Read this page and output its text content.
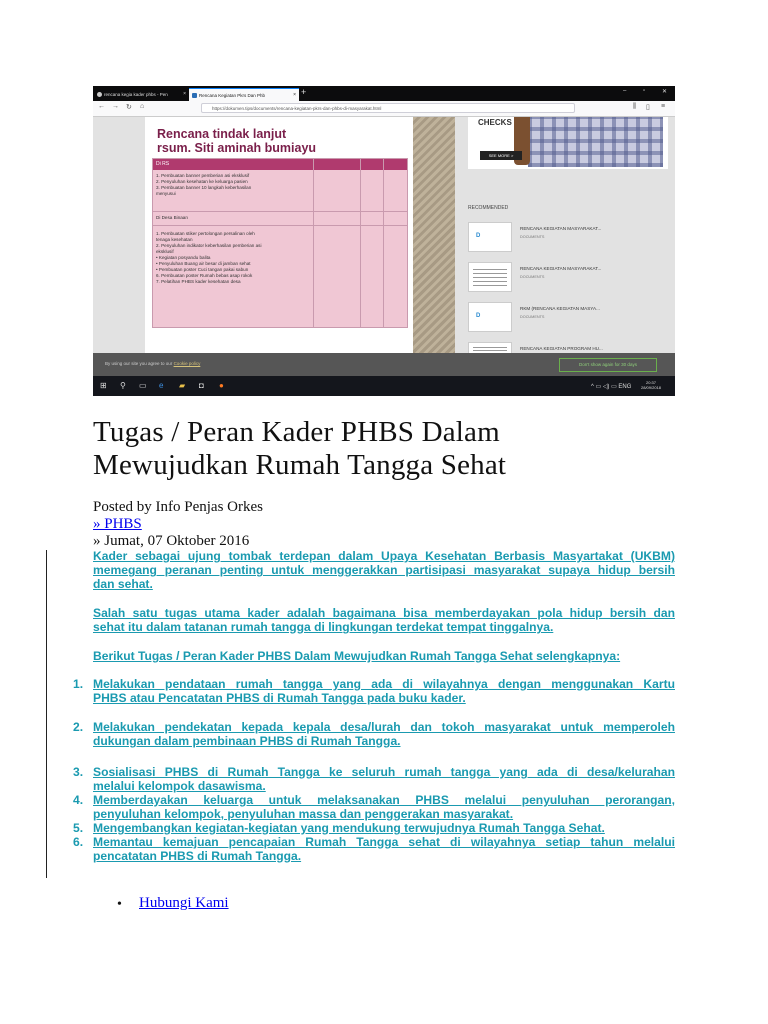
rencana kegia kader phbs - Pen	×	Rencana Kegiatan Pkrs Dan Phb	× +	–	▫	✕
← → ↻ ⌂	https://dokumen.tips/documents/rencana-kegiatan-pkrs-dan-phbs-di-masyarakat.html	⫼ ▯ ≡
Rencana tindak lanjut
rsum. Siti aminah bumiayu
Di RS

1. Pembuatan banner pemberian asi eksklusif

2. Penyuluhan kesehatan ke keluarga pasien

3. Pembuatan banner 10 langkah keberhasilan

menyusui

Di Desa Binaan

1. Pembuatan stiker pertolongan persalinan oleh

tenaga kesehatan

2. Penyuluhan indikator keberhasilan pemberian asi

eksklusif

• Kegiatan posyandu balita

• Penyuluhan Buang air besar di jamban sehat

• Pembuatan poster Cuci tangan pakai sabun

6. Pembuatan poster Rumah bebas asap rokok

7. Pelatihan PHBS kader kesehatan desa

CHECKS
SEE MORE >
RECOMMENDED
D
RENCANA KEGIATAN MASYARAKAT...
DOCUMENTS
RENCANA KEGIATAN MASYARAKAT...
DOCUMENTS
D
RKM (RENCANA KEGIATAN MASYA...
DOCUMENTS
RENCANA KEGIATAN PROGRAM HU...
By using our site you agree to our Cookie policy	Don't show again for 30 days
⊞ ⚲ ▭ e ▰ ◘ ●	^ ▭ ◁) ▭ ENG
20:37
28/09/2018
Tugas / Peran Kader PHBS Dalam
Mewujudkan Rumah Tangga Sehat
Posted by Info Penjas Orkes
» PHBS
» Jumat, 07 Oktober 2016

Kader sebagai ujung tombak terdepan dalam Upaya Kesehatan Berbasis Masyartakat (UKBM)
memegang peranan penting untuk menggerakkan partisipasi masyarakat supaya hidup bersih
dan sehat.

Salah satu tugas utama kader adalah bagaimana bisa memberdayakan pola hidup bersih dan
sehat itu dalam tatanan rumah tangga di lingkungan terdekat tempat tinggalnya.

Berikut Tugas / Peran Kader PHBS Dalam Mewujudkan Rumah Tangga Sehat selengkapnya:

1. Melakukan pendataan rumah tangga yang ada di wilayahnya dengan menggunakan Kartu
PHBS atau Pencatatan PHBS di Rumah Tangga pada buku kader.
2. Melakukan pendekatan kepada kepala desa/lurah dan tokoh masyarakat untuk memperoleh
dukungan dalam pembinaan PHBS di Rumah Tangga.
3. Sosialisasi PHBS di Rumah Tangga ke seluruh rumah tangga yang ada di desa/kelurahan
melalui kelompok dasawisma.
4. Memberdayakan keluarga untuk melaksanakan PHBS melalui penyuluhan perorangan,
penyuluhan kelompok, penyuluhan massa dan penggerakan masyarakat.
5. Mengembangkan kegiatan-kegiatan yang mendukung terwujudnya Rumah Tangga Sehat.
6. Memantau kemajuan pencapaian Rumah Tangga sehat di wilayahnya setiap tahun melalui
pencatatan PHBS di Rumah Tangga.
• Hubungi Kami
